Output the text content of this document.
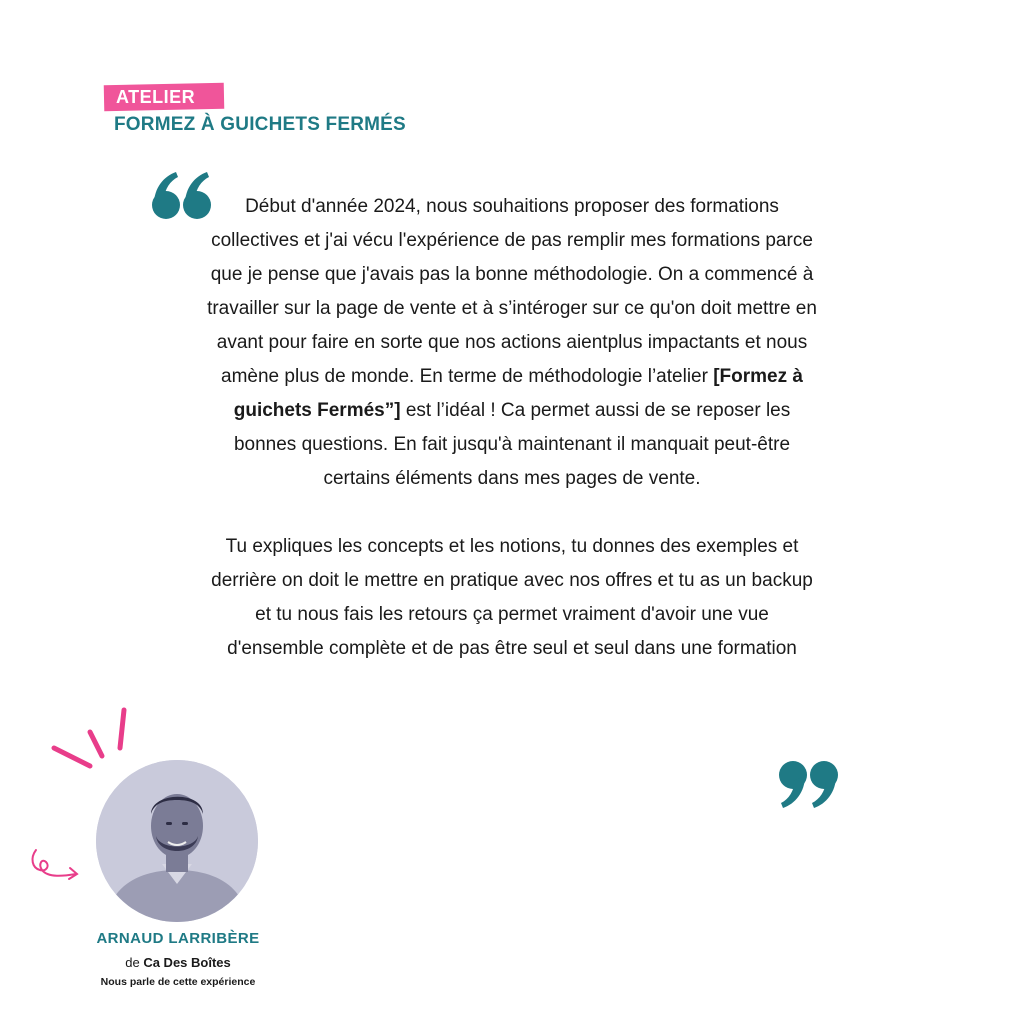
ATELIER
FORMEZ À GUICHETS FERMÉS

Début d'année 2024, nous souhaitions proposer des formations collectives et j'ai vécu l'expérience de pas remplir mes formations parce que je pense que j'avais pas la bonne méthodologie. On a commencé à travailler sur la page de vente et à s’intéroger sur ce qu'on doit mettre en avant pour faire en sorte que nos actions aientplus impactants et nous amène plus de monde. En terme de méthodologie l’atelier [Formez à guichets Fermés”] est l’idéal ! Ca permet aussi de se reposer les bonnes questions. En fait jusqu'à maintenant il manquait peut-être certains éléments dans mes pages de vente.

Tu expliques les concepts et les notions, tu donnes des exemples et derrière on doit le mettre en pratique avec nos offres et tu as un backup et tu nous fais les retours ça permet vraiment d'avoir une vue d'ensemble complète et de pas être seul et seul dans une formation

ARNAUD LARRIBÈRE
de Ca Des Boîtes
Nous parle de cette expérience
